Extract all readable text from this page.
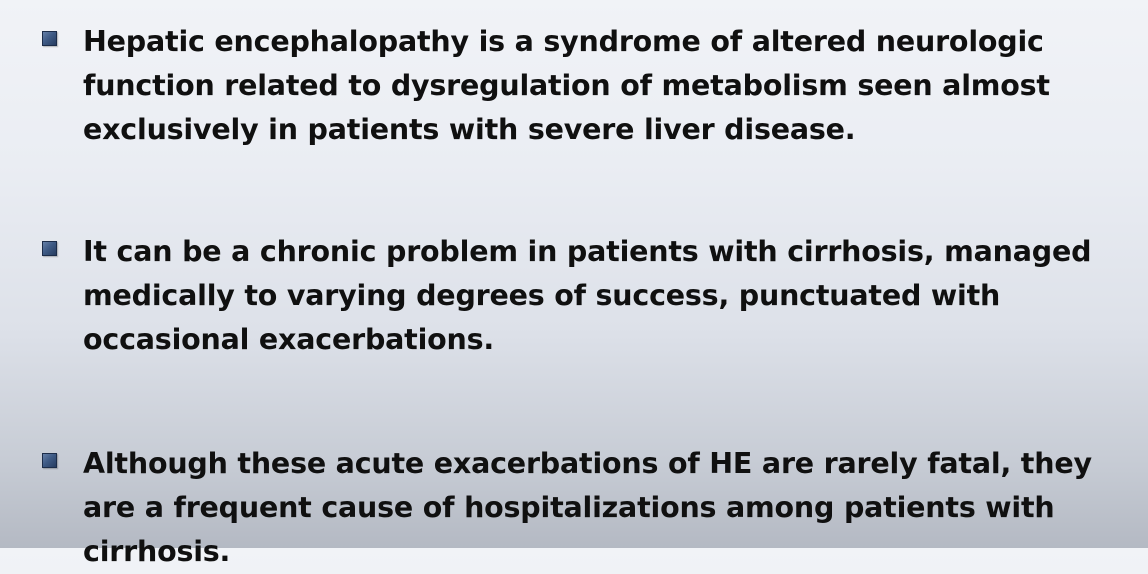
Hepatic encephalopathy is a syndrome of altered neurologic function related to dysregulation of metabolism seen almost exclusively in patients with severe liver disease.
It can be a chronic problem in patients with cirrhosis, managed medically to varying degrees of success, punctuated with occasional exacerbations.
Although these acute exacerbations of HE are rarely fatal, they are a frequent cause of hospitalizations among patients with cirrhosis.
